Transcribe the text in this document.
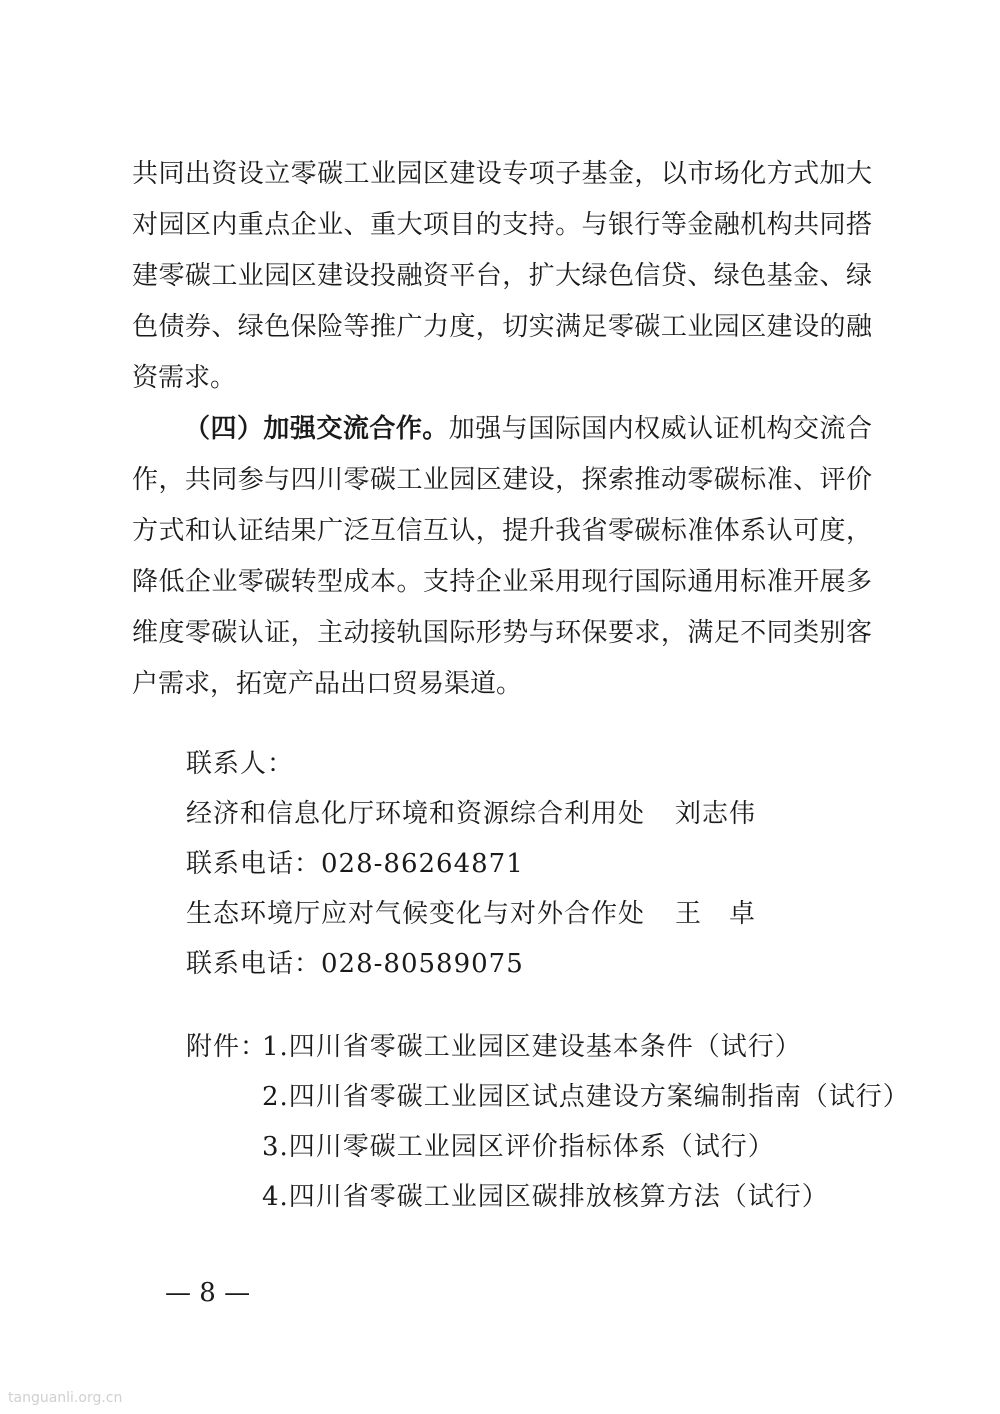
共同出资设立零碳工业园区建设专项子基金，以市场化方式加大
对园区内重点企业、重大项目的支持。与银行等金融机构共同搭
建零碳工业园区建设投融资平台，扩大绿色信贷、绿色基金、绿
色债券、绿色保险等推广力度，切实满足零碳工业园区建设的融
资需求。
（四）加强交流合作。加强与国际国内权威认证机构交流合
作，共同参与四川零碳工业园区建设，探索推动零碳标准、评价
方式和认证结果广泛互信互认，提升我省零碳标准体系认可度，
降低企业零碳转型成本。支持企业采用现行国际通用标准开展多
维度零碳认证，主动接轨国际形势与环保要求，满足不同类别客
户需求，拓宽产品出口贸易渠道。
联系人：
经济和信息化厅环境和资源综合利用处 刘志伟
联系电话：028-86264871
生态环境厅应对气候变化与对外合作处 王　卓
联系电话：028-80589075
附件：
1.四川省零碳工业园区建设基本条件（试行）
2.四川省零碳工业园区试点建设方案编制指南（试行）
3.四川零碳工业园区评价指标体系（试行）
4.四川省零碳工业园区碳排放核算方法（试行）
— 8 —
tanguanli.org.cn
